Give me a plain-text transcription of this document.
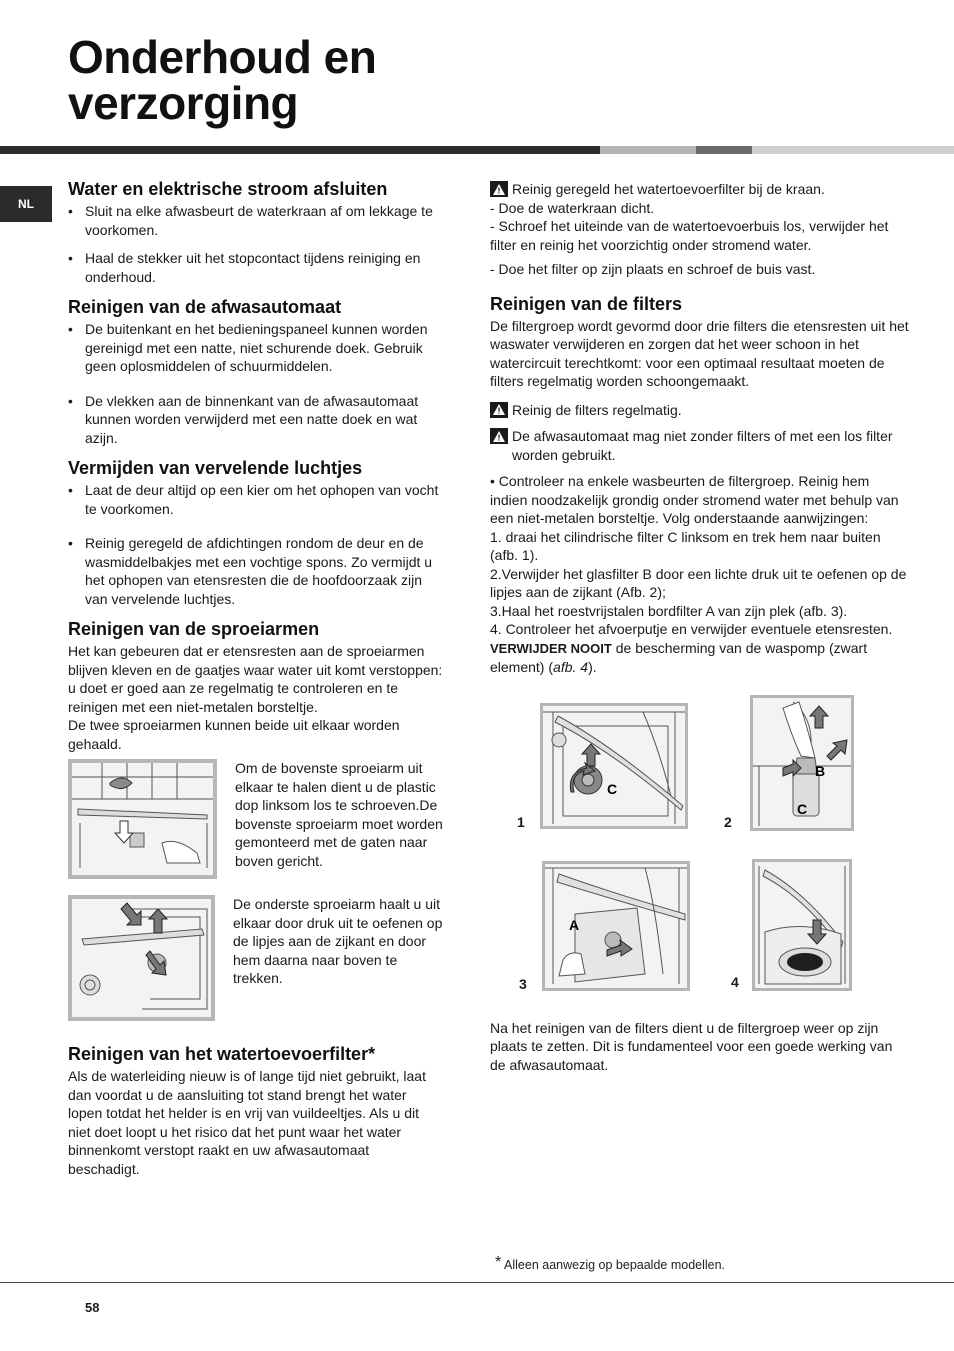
Onderhoud en verzorging
NL
Water en elektrische stroom afsluiten
• Sluit na elke afwasbeurt de waterkraan af om lekkage te voorkomen.
• Haal de stekker uit het stopcontact tijdens reiniging en onderhoud.
Reinigen van de afwasautomaat
• De buitenkant en het bedieningspaneel kunnen worden gereinigd met een natte, niet schurende doek. Gebruik geen oplosmiddelen of schuurmiddelen.
• De vlekken aan de binnenkant van de afwasautomaat kunnen worden verwijderd met een natte doek en wat azijn.
Vermijden van vervelende luchtjes
• Laat de deur altijd op een kier om het ophopen van vocht te voorkomen.
• Reinig geregeld de afdichtingen rondom de deur en de wasmiddelbakjes met een vochtige spons. Zo vermijdt u het ophopen van etensresten die de hoofdoorzaak zijn van vervelende luchtjes.
Reinigen van de sproeiarmen

Het kan gebeuren dat er etensresten aan de sproeiarmen blijven kleven en de gaatjes waar water uit komt verstoppen: u doet er goed aan ze regelmatig te controleren en te reinigen met een niet-metalen borsteltje.

De twee sproeiarmen kunnen beide uit elkaar worden gehaald.

Om de bovenste sproeiarm uit elkaar te halen dient u de plastic dop linksom los te schroeven.De bovenste sproeiarm moet worden gemonteerd met de gaten naar boven gericht.
De onderste sproeiarm haalt u uit elkaar door druk uit te oefenen op de lipjes aan de zijkant en door hem daarna naar boven te trekken.
Reinigen van het watertoevoerfilter*

Als de waterleiding nieuw is of lange tijd niet gebruikt, laat dan voordat u de aansluiting tot stand brengt het water lopen totdat het helder is en vrij van vuildeeltjes. Als u dit niet doet loopt u het risico dat het punt waar het water binnenkomt verstopt raakt en uw afwasautomaat beschadigt.

Reinig geregeld het watertoevoerfilter bij de kraan.

- Doe de waterkraan dicht.

- Schroef het uiteinde van de watertoevoerbuis los, verwijder het filter en reinig het voorzichtig onder stromend water.

- Doe het filter op zijn plaats en schroef de buis vast.

Reinigen van de filters

De filtergroep wordt gevormd door drie filters die etensresten uit het waswater verwijderen en zorgen dat het weer schoon in het watercircuit terechtkomt: voor een optimaal resultaat moeten de filters regelmatig worden schoongemaakt.

Reinig de filters regelmatig.
De afwasautomaat mag niet zonder filters of met een los filter worden gebruikt.

• Controleer na enkele wasbeurten de filtergroep. Reinig hem indien noodzakelijk grondig onder stromend water met behulp van een niet-metalen borsteltje. Volg onderstaande aanwijzingen:

1. draai het cilindrische filter C linksom en trek hem naar buiten (afb. 1).

2.Verwijder het glasfilter B door een lichte druk uit te oefenen op de lipjes aan de zijkant (Afb. 2);

3.Haal het roestvrijstalen bordfilter A van zijn plek (afb. 3).

4. Controleer het afvoerputje en verwijder eventuele etensresten. VERWIJDER NOOIT de bescherming van de waspomp (zwart element) (afb. 4).

C
1
B
C
2
A
3	4

Na het reinigen van de filters dient u de filtergroep weer op zijn plaats te zetten. Dit is fundamenteel voor een goede werking van de afwasautomaat.

* Alleen aanwezig op bepaalde modellen.
58
